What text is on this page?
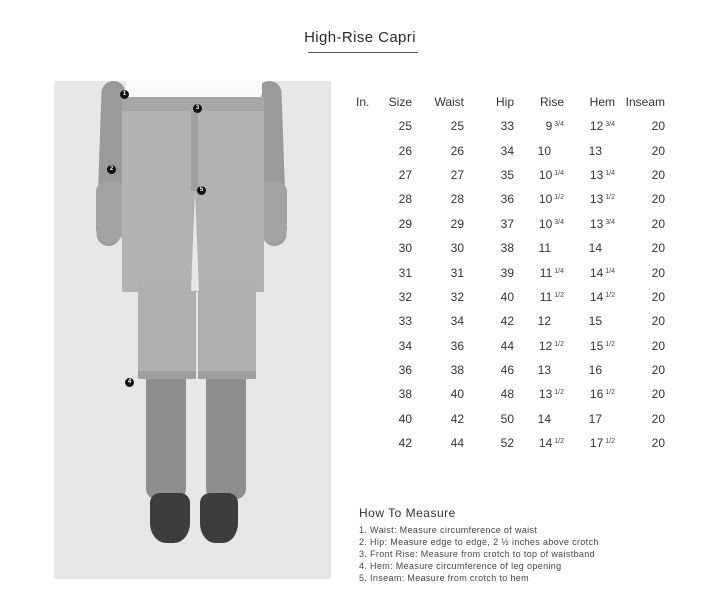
High-Rise Capri
1
2
3
4
5
In.	Size	Waist	Hip	Rise	Hem	Inseam
	25	25	33	9 $^{3/4}$	12 $^{3/4}$	20
	26	26	34	10	13	20
	27	27	35	10 $^{1/4}$	13 $^{1/4}$	20
	28	28	36	10 $^{1/2}$	13 $^{1/2}$	20
	29	29	37	10 $^{3/4}$	13 $^{3/4}$	20
	30	30	38	11	14	20
	31	31	39	11 $^{1/4}$	14 $^{1/4}$	20
	32	32	40	11 $^{1/2}$	14 $^{1/2}$	20
	33	34	42	12	15	20
	34	36	44	12 $^{1/2}$	15 $^{1/2}$	20
	36	38	46	13	16	20
	38	40	48	13 $^{1/2}$	16 $^{1/2}$	20
	40	42	50	14	17	20
	42	44	52	14 $^{1/2}$	17 $^{1/2}$	20
How To Measure
1. Waist: Measure circumference of waist
2. Hip: Measure edge to edge, 2 ½ inches above crotch
3. Front Rise: Measure from crotch to top of waistband
4. Hem: Measure circumference of leg opening
5. Inseam: Measure from crotch to hem
